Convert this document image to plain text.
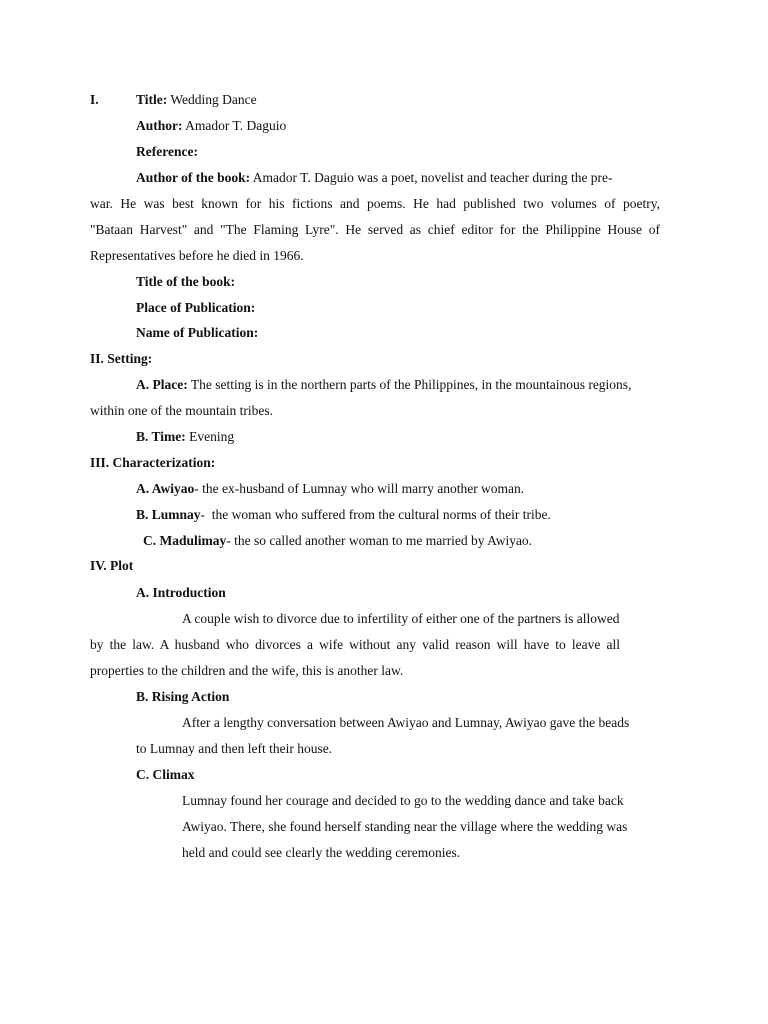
I.	Title: Wedding Dance
Author: Amador T. Daguio
Reference:
Author of the book: Amador T. Daguio was a poet, novelist and teacher during the pre-
war. He was best known for his fictions and poems. He had published two volumes of poetry,
"Bataan Harvest" and "The Flaming Lyre". He served as chief editor for the Philippine House of
Representatives before he died in 1966.
Title of the book:
Place of Publication:
Name of Publication:
II. Setting:
A. Place: The setting is in the northern parts of the Philippines, in the mountainous regions,
within one of the mountain tribes.
B. Time: Evening
III. Characterization:
A. Awiyao- the ex-husband of Lumnay who will marry another woman.
B. Lumnay-  the woman who suffered from the cultural norms of their tribe.
C. Madulimay- the so called another woman to me married by Awiyao.
IV. Plot
A. Introduction
A couple wish to divorce due to infertility of either one of the partners is allowed
by the law. A husband who divorces a wife without any valid reason will have to leave all
properties to the children and the wife, this is another law.
B. Rising Action
After a lengthy conversation between Awiyao and Lumnay, Awiyao gave the beads
to Lumnay and then left their house.
C. Climax
Lumnay found her courage and decided to go to the wedding dance and take back
Awiyao. There, she found herself standing near the village where the wedding was
held and could see clearly the wedding ceremonies.
